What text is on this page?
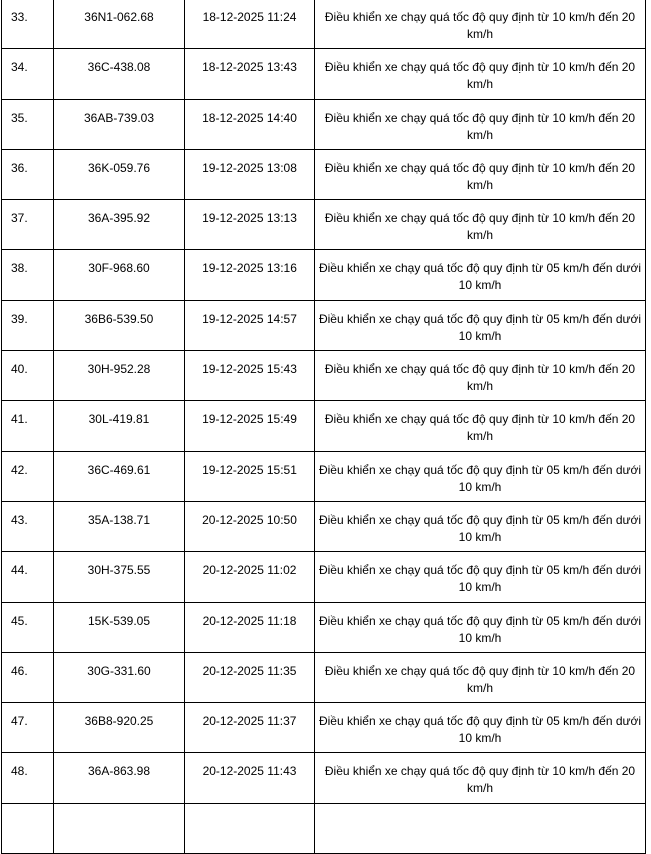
33.	36N1-062.68	18-12-2025 11:24	Điều khiển xe chạy quá tốc độ quy định từ 10 km/h đến 20 km/h
34.	36C-438.08	18-12-2025 13:43	Điều khiển xe chạy quá tốc độ quy định từ 10 km/h đến 20 km/h
35.	36AB-739.03	18-12-2025 14:40	Điều khiển xe chạy quá tốc độ quy định từ 10 km/h đến 20 km/h
36.	36K-059.76	19-12-2025 13:08	Điều khiển xe chạy quá tốc độ quy định từ 10 km/h đến 20 km/h
37.	36A-395.92	19-12-2025 13:13	Điều khiển xe chạy quá tốc độ quy định từ 10 km/h đến 20 km/h
38.	30F-968.60	19-12-2025 13:16	Điều khiển xe chạy quá tốc độ quy định từ 05 km/h đến dưới 10 km/h
39.	36B6-539.50	19-12-2025 14:57	Điều khiển xe chạy quá tốc độ quy định từ 05 km/h đến dưới 10 km/h
40.	30H-952.28	19-12-2025 15:43	Điều khiển xe chạy quá tốc độ quy định từ 10 km/h đến 20 km/h
41.	30L-419.81	19-12-2025 15:49	Điều khiển xe chạy quá tốc độ quy định từ 10 km/h đến 20 km/h
42.	36C-469.61	19-12-2025 15:51	Điều khiển xe chạy quá tốc độ quy định từ 05 km/h đến dưới 10 km/h
43.	35A-138.71	20-12-2025 10:50	Điều khiển xe chạy quá tốc độ quy định từ 05 km/h đến dưới 10 km/h
44.	30H-375.55	20-12-2025 11:02	Điều khiển xe chạy quá tốc độ quy định từ 05 km/h đến dưới 10 km/h
45.	15K-539.05	20-12-2025 11:18	Điều khiển xe chạy quá tốc độ quy định từ 05 km/h đến dưới 10 km/h
46.	30G-331.60	20-12-2025 11:35	Điều khiển xe chạy quá tốc độ quy định từ 10 km/h đến 20 km/h
47.	36B8-920.25	20-12-2025 11:37	Điều khiển xe chạy quá tốc độ quy định từ 05 km/h đến dưới 10 km/h
48.	36A-863.98	20-12-2025 11:43	Điều khiển xe chạy quá tốc độ quy định từ 10 km/h đến 20 km/h
